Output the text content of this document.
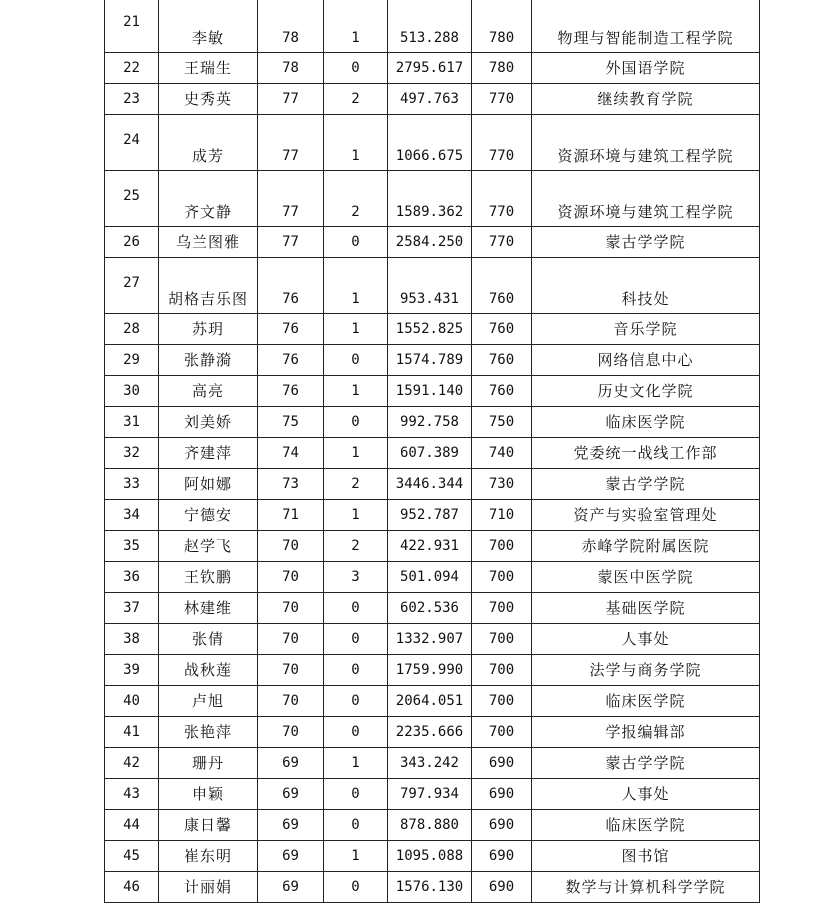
21	李敏	78	1	513.288	780	物理与智能制造工程学院
22	王瑞生	78	0	2795.617	780	外国语学院
23	史秀英	77	2	497.763	770	继续教育学院
24	成芳	77	1	1066.675	770	资源环境与建筑工程学院
25	齐文静	77	2	1589.362	770	资源环境与建筑工程学院
26	乌兰图雅	77	0	2584.250	770	蒙古学学院
27	胡格吉乐图	76	1	953.431	760	科技处
28	苏玥	76	1	1552.825	760	音乐学院
29	张静漪	76	0	1574.789	760	网络信息中心
30	高亮	76	1	1591.140	760	历史文化学院
31	刘美娇	75	0	992.758	750	临床医学院
32	齐建萍	74	1	607.389	740	党委统一战线工作部
33	阿如娜	73	2	3446.344	730	蒙古学学院
34	宁德安	71	1	952.787	710	资产与实验室管理处
35	赵学飞	70	2	422.931	700	赤峰学院附属医院
36	王钦鹏	70	3	501.094	700	蒙医中医学院
37	林建维	70	0	602.536	700	基础医学院
38	张倩	70	0	1332.907	700	人事处
39	战秋莲	70	0	1759.990	700	法学与商务学院
40	卢旭	70	0	2064.051	700	临床医学院
41	张艳萍	70	0	2235.666	700	学报编辑部
42	珊丹	69	1	343.242	690	蒙古学学院
43	申颖	69	0	797.934	690	人事处
44	康日馨	69	0	878.880	690	临床医学院
45	崔东明	69	1	1095.088	690	图书馆
46	计丽娟	69	0	1576.130	690	数学与计算机科学学院
